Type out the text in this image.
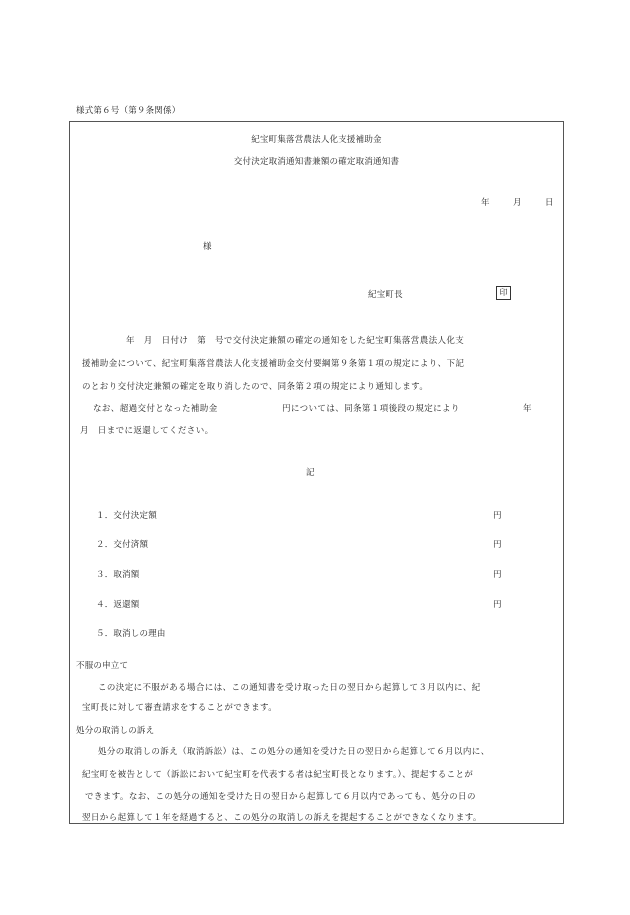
様式第６号（第９条関係）
紀宝町集落営農法人化支援補助金
交付決定取消通知書兼額の確定取消通知書
年	月	日
様
紀宝町長	印
年　月　日付け　第　号で交付決定兼額の確定の通知をした紀宝町集落営農法人化支
援補助金について、紀宝町集落営農法人化支援補助金交付要綱第９条第１項の規定により、下記
のとおり交付決定兼額の確定を取り消したので、同条第２項の規定により通知します。
なお、超過交付となった補助金	円については、同条第１項後段の規定により	年
月　日までに返還してください。
記
１．交付決定額	円
２．交付済額	円
３．取消額	円
４．返還額	円
５．取消しの理由
不服の申立て
この決定に不服がある場合には、この通知書を受け取った日の翌日から起算して３月以内に、紀
宝町長に対して審査請求をすることができます。
処分の取消しの訴え
処分の取消しの訴え（取消訴訟）は、この処分の通知を受けた日の翌日から起算して６月以内に、
紀宝町を被告として（訴訟において紀宝町を代表する者は紀宝町長となります。）、提起することが
できます。なお、この処分の通知を受けた日の翌日から起算して６月以内であっても、処分の日の
翌日から起算して１年を経過すると、この処分の取消しの訴えを提起することができなくなります。
